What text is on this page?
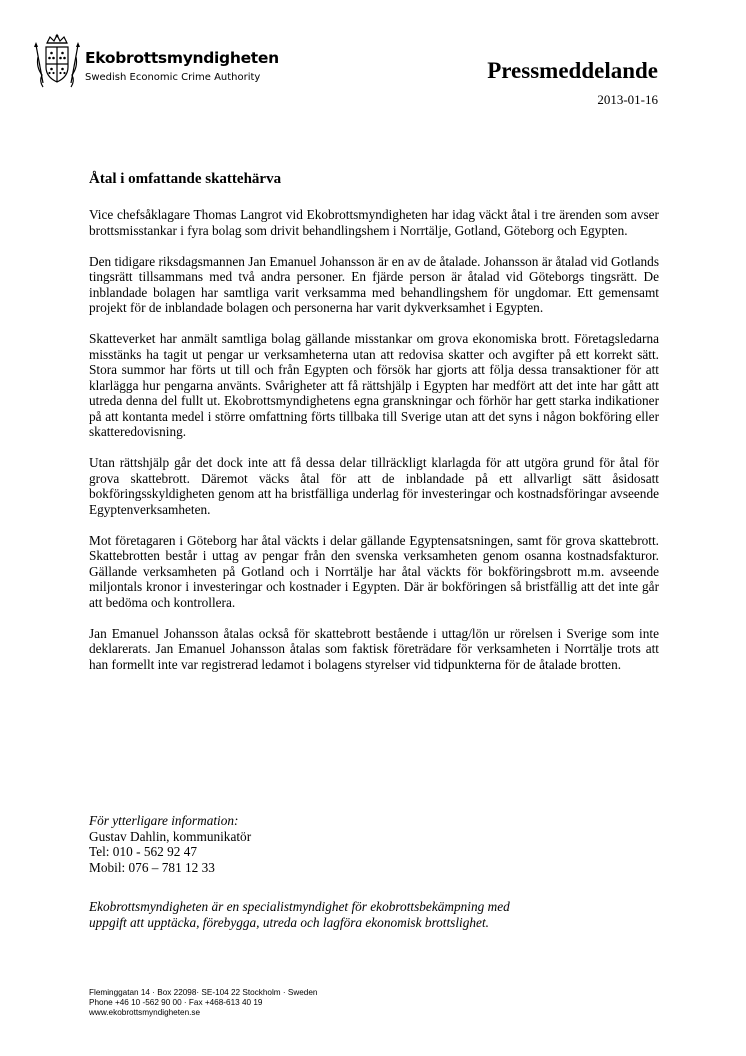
Ekobrottsmyndigheten
Swedish Economic Crime Authority	Pressmeddelande
2013-01-16
Åtal i omfattande skattehärva

Vice chefsåklagare Thomas Langrot vid Ekobrottsmyndigheten har idag väckt åtal i tre ärenden som avser brottsmisstankar i fyra bolag som drivit behandlingshem i Norrtälje, Gotland, Göteborg och Egypten.

Den tidigare riksdagsmannen Jan Emanuel Johansson är en av de åtalade. Johansson är åtalad vid Gotlands tingsrätt tillsammans med två andra personer. En fjärde person är åtalad vid Göteborgs tingsrätt. De inblandade bolagen har samtliga varit verksamma med behandlingshem för ungdomar. Ett gemensamt projekt för de inblandade bolagen och personerna har varit dykverksamhet i Egypten.

Skatteverket har anmält samtliga bolag gällande misstankar om grova ekonomiska brott. Företagsledarna misstänks ha tagit ut pengar ur verksamheterna utan att redovisa skatter och avgifter på ett korrekt sätt. Stora summor har förts ut till och från Egypten och försök har gjorts att följa dessa transaktioner för att klarlägga hur pengarna använts. Svårigheter att få rättshjälp i Egypten har medfört att det inte har gått att utreda denna del fullt ut. Ekobrottsmyndighetens egna granskningar och förhör har gett starka indikationer på att kontanta medel i större omfattning förts tillbaka till Sverige utan att det syns i någon bokföring eller skatteredovisning.

Utan rättshjälp går det dock inte att få dessa delar tillräckligt klarlagda för att utgöra grund för åtal för grova skattebrott. Däremot väcks åtal för att de inblandade på ett allvarligt sätt åsidosatt bokföringsskyldigheten genom att ha bristfälliga underlag för investeringar och kostnadsföringar avseende Egyptenverksamheten.

Mot företagaren i Göteborg har åtal väckts i delar gällande Egyptensatsningen, samt för grova skattebrott. Skattebrotten består i uttag av pengar från den svenska verksamheten genom osanna kostnadsfakturor. Gällande verksamheten på Gotland och i Norrtälje har åtal väckts för bokföringsbrott m.m. avseende miljontals kronor i investeringar och kostnader i Egypten. Där är bokföringen så bristfällig att det inte går att bedöma och kontrollera.

Jan Emanuel Johansson åtalas också för skattebrott bestående i uttag/lön ur rörelsen i Sverige som inte deklarerats. Jan Emanuel Johansson åtalas som faktisk företrädare för verksamheten i Norrtälje trots att han formellt inte var registrerad ledamot i bolagens styrelser vid tidpunkterna för de åtalade brotten.

För ytterligare information:
Gustav Dahlin, kommunikatör
Tel: 010 - 562 92 47
Mobil: 076 – 781 12 33
Ekobrottsmyndigheten är en specialistmyndighet för ekobrottsbekämpning med
uppgift att upptäcka, förebygga, utreda och lagföra ekonomisk brottslighet.
Fleminggatan 14 · Box 22098· SE-104 22 Stockholm · Sweden
Phone +46 10 -562 90 00 · Fax +468-613 40 19
www.ekobrottsmyndigheten.se
